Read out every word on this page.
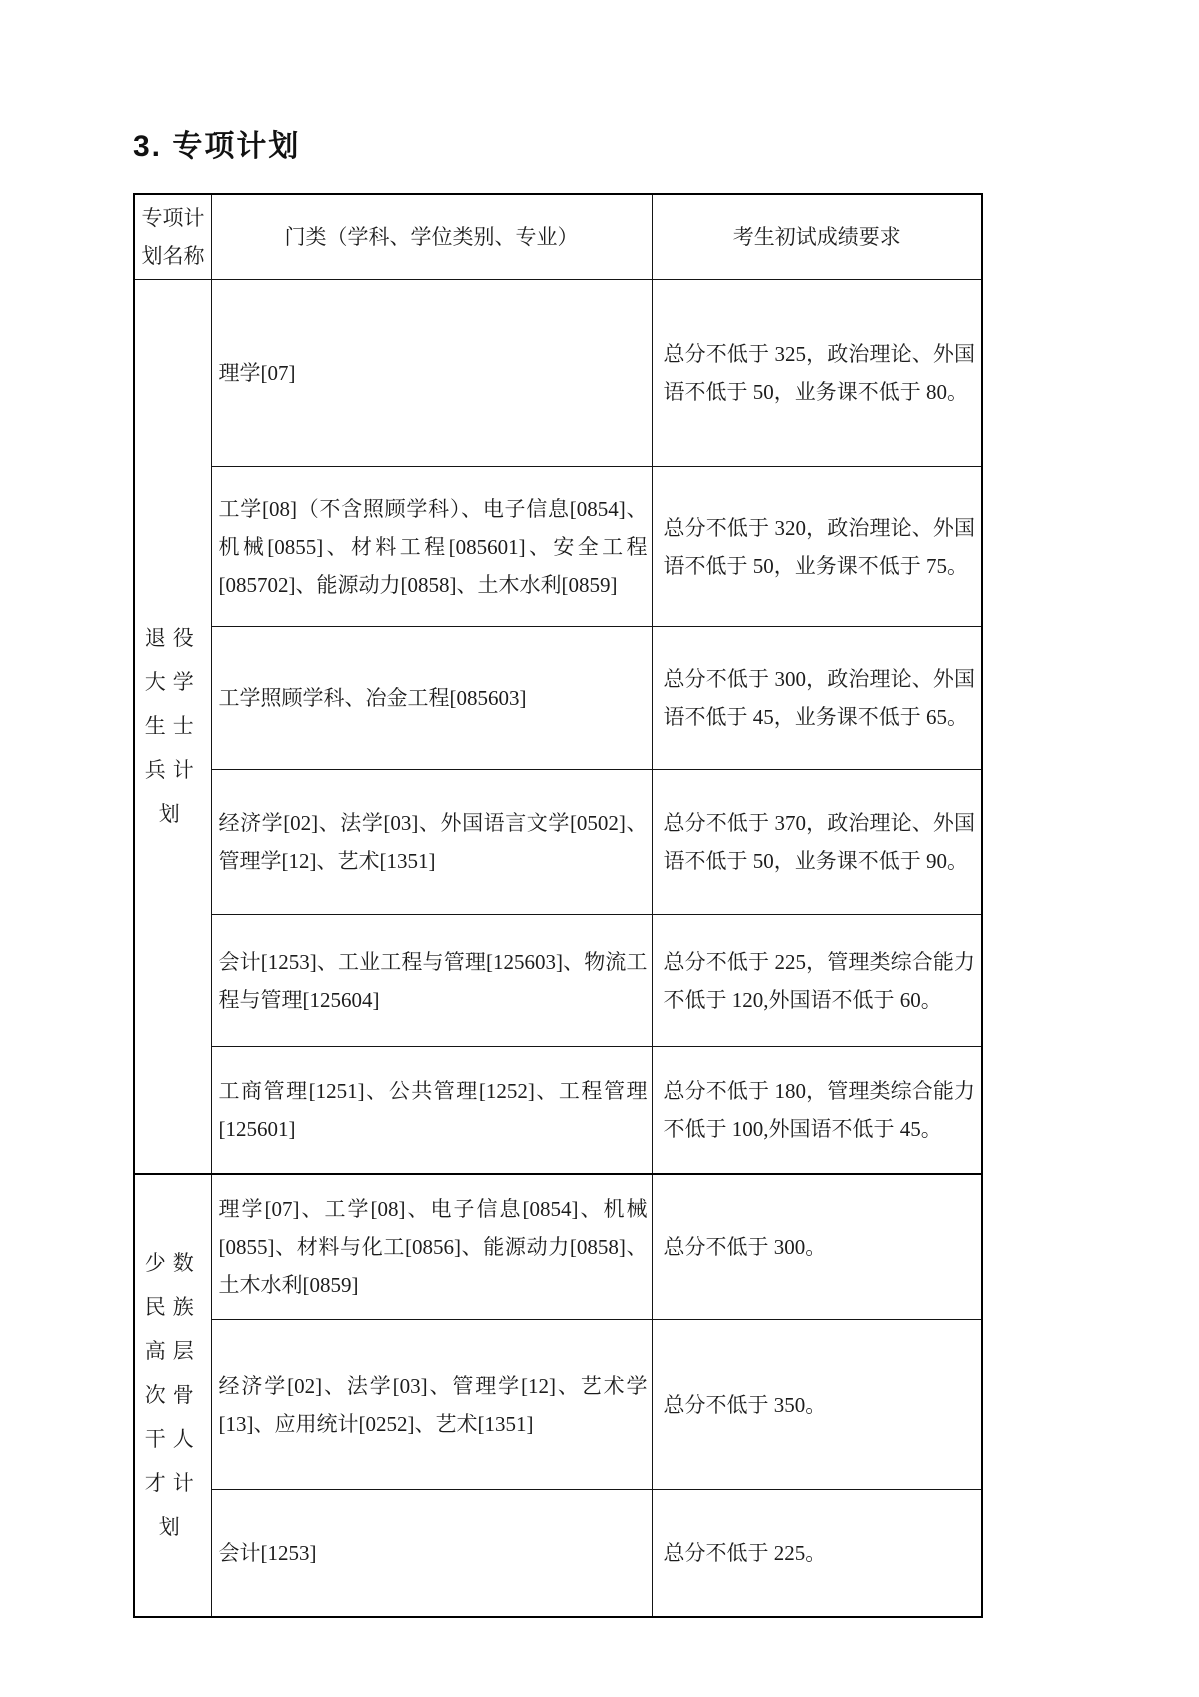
3. 专项计划
专项计划名称	门类（学科、学位类别、专业）	考生初试成绩要求
退役大学生士兵计划	理学[07]	总分不低于 325，政治理论、外国语不低于 50，业务课不低于 80。
	工学[08]（不含照顾学科）、电子信息[0854]、机械[0855]、材料工程[085601]、安全工程[085702]、能源动力[0858]、土木水利[0859]	总分不低于 320，政治理论、外国语不低于 50，业务课不低于 75。
	工学照顾学科、冶金工程[085603]	总分不低于 300，政治理论、外国语不低于 45，业务课不低于 65。
	经济学[02]、法学[03]、外国语言文学[0502]、管理学[12]、艺术[1351]	总分不低于 370，政治理论、外国语不低于 50，业务课不低于 90。
	会计[1253]、工业工程与管理[125603]、物流工程与管理[125604]	总分不低于 225，管理类综合能力不低于 120,外国语不低于 60。
	工商管理[1251]、公共管理[1252]、工程管理[125601]	总分不低于 180，管理类综合能力不低于 100,外国语不低于 45。
少数民族高层次骨干人才计划	理学[07]、工学[08]、电子信息[0854]、机械[0855]、材料与化工[0856]、能源动力[0858]、土木水利[0859]	总分不低于 300。
	经济学[02]、法学[03]、管理学[12]、艺术学[13]、应用统计[0252]、艺术[1351]	总分不低于 350。
	会计[1253]	总分不低于 225。
